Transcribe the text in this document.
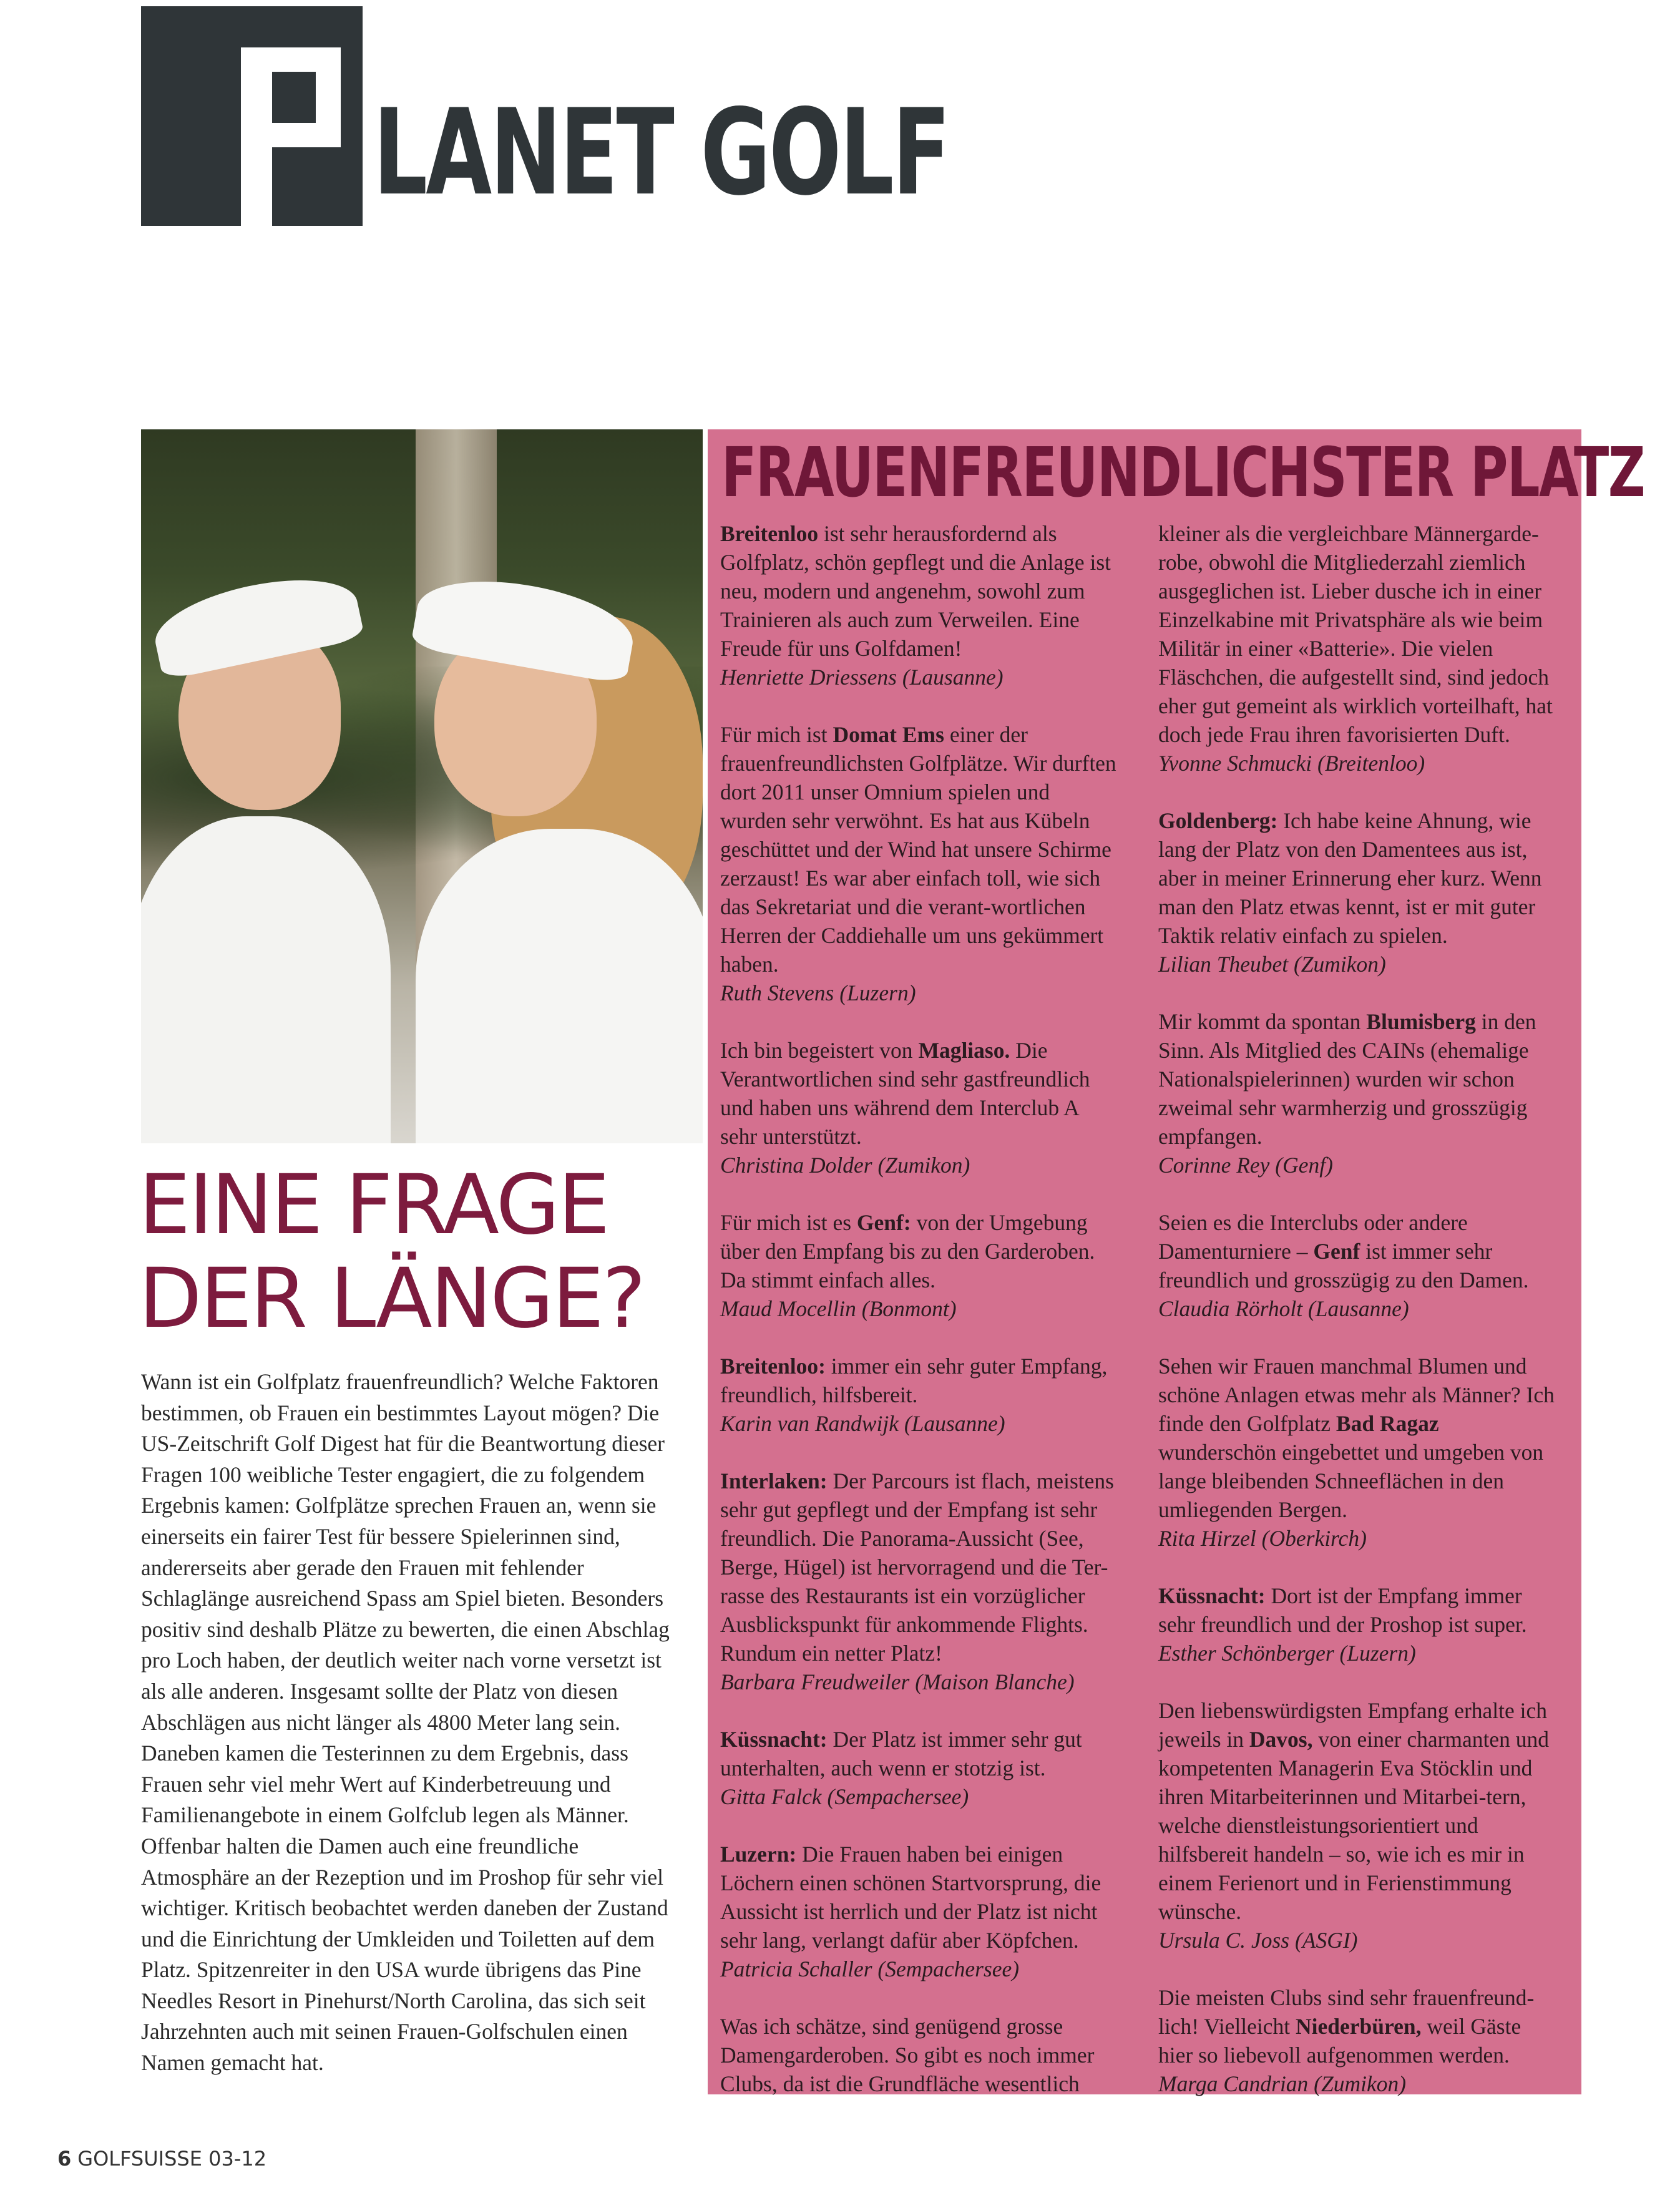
LANET GOLF
EINE FRAGE
DER LÄNGE?

Wann ist ein Golfplatz frauenfreundlich? Welche Faktoren bestimmen, ob Frauen ein bestimmtes Layout mögen? Die US-Zeitschrift Golf Digest hat für die Beantwortung dieser Fragen 100 weibliche Tester engagiert, die zu folgendem Ergebnis kamen: Golfplätze sprechen Frauen an, wenn sie einerseits ein fairer Test für bessere Spielerinnen sind, andererseits aber gerade den Frauen mit fehlender Schlaglänge ausreichend Spass am Spiel bieten. Besonders positiv sind deshalb Plätze zu bewerten, die einen Abschlag pro Loch haben, der deutlich weiter nach vorne versetzt ist als alle anderen. Insgesamt sollte der Platz von diesen Abschlägen aus nicht länger als 4800 Meter lang sein. Daneben kamen die Testerinnen zu dem Ergebnis, dass Frauen sehr viel mehr Wert auf Kinderbetreuung und Familienangebote in einem Golfclub legen als Männer. Offenbar halten die Damen auch eine freundliche Atmosphäre an der Rezeption und im Proshop für sehr viel wichtiger. Kritisch beobachtet werden daneben der Zustand und die Einrichtung der Umkleiden und Toiletten auf dem Platz. Spitzenreiter in den USA wurde übrigens das Pine Needles Resort in Pinehurst/North Carolina, das sich seit Jahrzehnten auch mit seinen Frauen-Golfschulen einen Namen gemacht hat.

FRAUENFREUNDLICHSTER PLATZ

Breitenloo ist sehr herausfordernd als Golfplatz, schön gepflegt und die Anlage ist neu, modern und angenehm, sowohl zum Trainieren als auch zum Verweilen. Eine Freude für uns Golfdamen!
Henriette Driessens (Lausanne)

Für mich ist Domat Ems einer der frauenfreundlichsten Golfplätze. Wir durften dort 2011 unser Omnium spielen und wurden sehr verwöhnt. Es hat aus Kübeln geschüttet und der Wind hat unsere Schirme zerzaust! Es war aber einfach toll, wie sich das Sekretariat und die verant-wortlichen Herren der Caddiehalle um uns gekümmert haben.
Ruth Stevens (Luzern)

Ich bin begeistert von Magliaso. Die Verantwortlichen sind sehr gastfreundlich und haben uns während dem Interclub A sehr unterstützt.
Christina Dolder (Zumikon)

Für mich ist es Genf: von der Umgebung über den Empfang bis zu den Garderoben. Da stimmt einfach alles.
Maud Mocellin (Bonmont)

Breitenloo: immer ein sehr guter Empfang, freundlich, hilfsbereit.
Karin van Randwijk (Lausanne)

Interlaken: Der Parcours ist flach, meistens sehr gut gepflegt und der Empfang ist sehr freundlich. Die Panorama-Aussicht (See, Berge, Hügel) ist hervorragend und die Ter-rasse des Restaurants ist ein vorzüglicher Ausblickspunkt für ankommende Flights. Rundum ein netter Platz!
Barbara Freudweiler (Maison Blanche)

Küssnacht: Der Platz ist immer sehr gut unterhalten, auch wenn er stotzig ist.
Gitta Falck (Sempachersee)

Luzern: Die Frauen haben bei einigen Löchern einen schönen Startvorsprung, die Aussicht ist herrlich und der Platz ist nicht sehr lang, verlangt dafür aber Köpfchen.
Patricia Schaller (Sempachersee)

Was ich schätze, sind genügend grosse Damengarderoben. So gibt es noch immer Clubs, da ist die Grundfläche wesentlich

kleiner als die vergleichbare Männergarde-robe, obwohl die Mitgliederzahl ziemlich ausgeglichen ist. Lieber dusche ich in einer Einzelkabine mit Privatsphäre als wie beim Militär in einer «Batterie». Die vielen Fläschchen, die aufgestellt sind, sind jedoch eher gut gemeint als wirklich vorteilhaft, hat doch jede Frau ihren favorisierten Duft.
Yvonne Schmucki (Breitenloo)

Goldenberg: Ich habe keine Ahnung, wie lang der Platz von den Damentees aus ist, aber in meiner Erinnerung eher kurz. Wenn man den Platz etwas kennt, ist er mit guter Taktik relativ einfach zu spielen.
Lilian Theubet (Zumikon)

Mir kommt da spontan Blumisberg in den Sinn. Als Mitglied des CAINs (ehemalige Nationalspielerinnen) wurden wir schon zweimal sehr warmherzig und grosszügig empfangen.
Corinne Rey (Genf)

Seien es die Interclubs oder andere Damenturniere – Genf ist immer sehr freundlich und grosszügig zu den Damen.
Claudia Rörholt (Lausanne)

Sehen wir Frauen manchmal Blumen und schöne Anlagen etwas mehr als Männer? Ich finde den Golfplatz Bad Ragaz wunderschön eingebettet und umgeben von lange bleibenden Schneeflächen in den umliegenden Bergen.
Rita Hirzel (Oberkirch)

Küssnacht: Dort ist der Empfang immer sehr freundlich und der Proshop ist super.
Esther Schönberger (Luzern)

Den liebenswürdigsten Empfang erhalte ich jeweils in Davos, von einer charmanten und kompetenten Managerin Eva Stöcklin und ihren Mitarbeiterinnen und Mitarbei-tern, welche dienstleistungsorientiert und hilfsbereit handeln – so, wie ich es mir in einem Ferienort und in Ferienstimmung wünsche.
Ursula C. Joss (ASGI)

Die meisten Clubs sind sehr frauenfreund-lich! Vielleicht Niederbüren, weil Gäste hier so liebevoll aufgenommen werden.
Marga Candrian (Zumikon)

6 GOLFSUISSE 03-12
